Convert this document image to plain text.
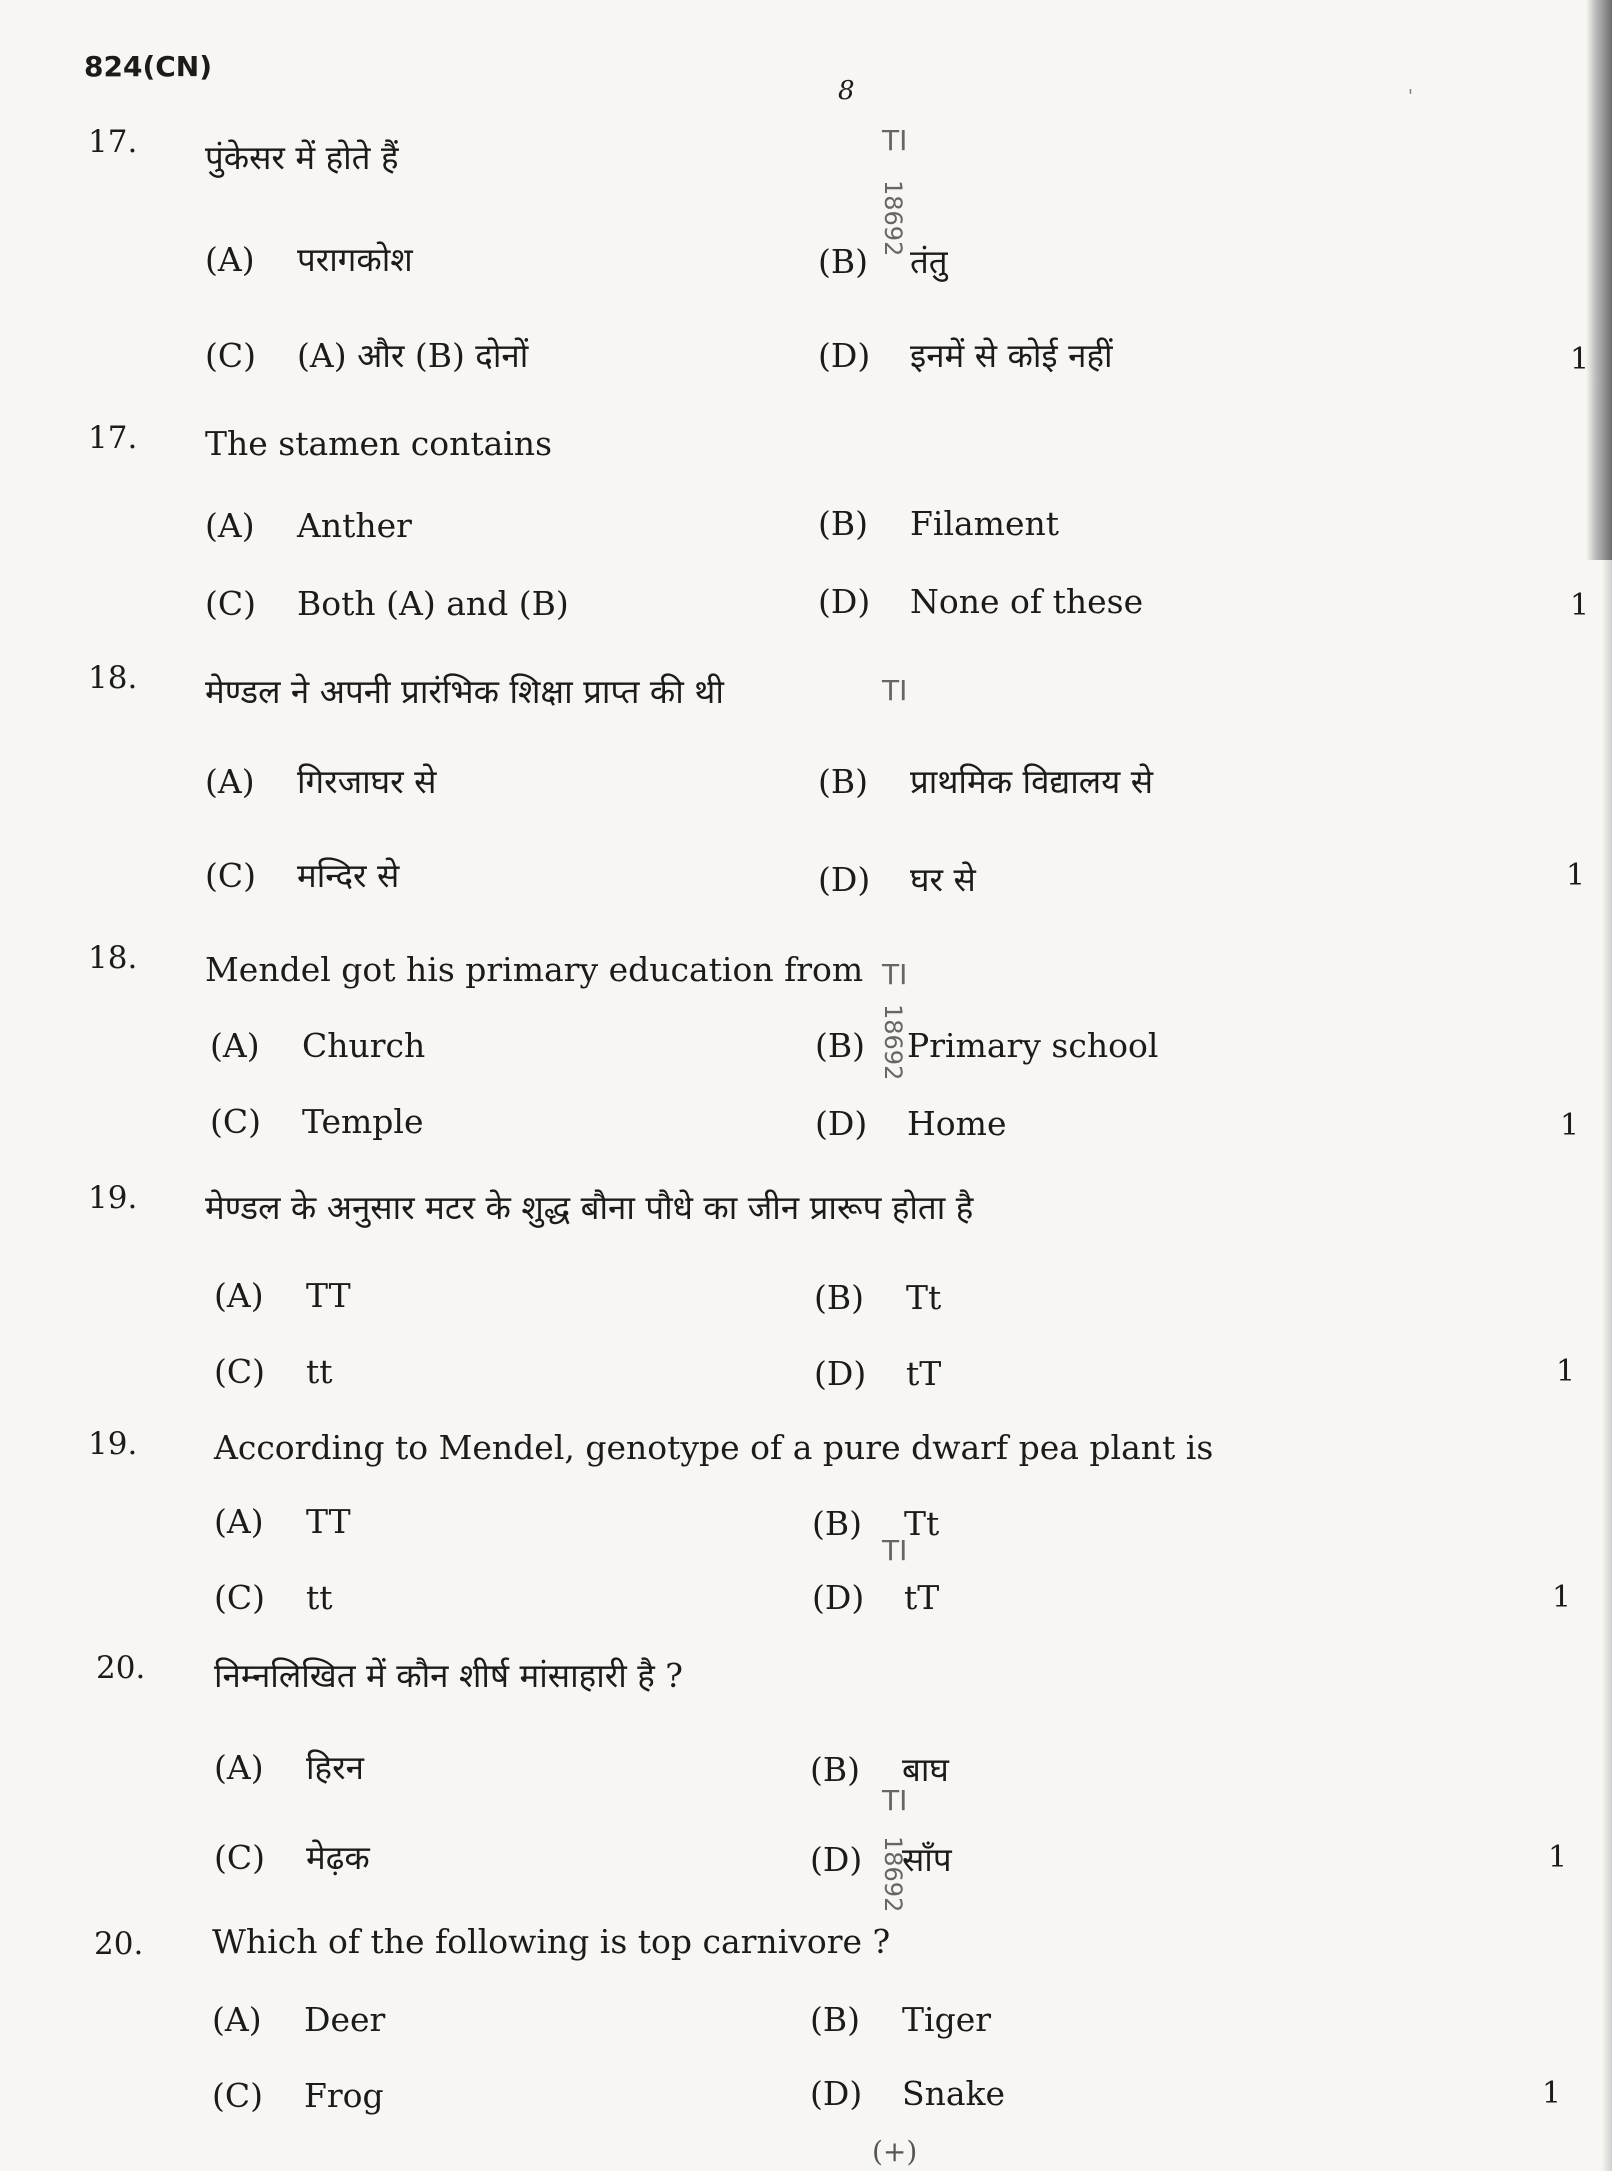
824(CN)
8	'
17. पुंकेसर में होते हैं
(A) परागकोश	(B) तंतु
(C) (A) और (B) दोनों	(D) इनमें से कोई नहीं	1
17. The stamen contains
(A) Anther	(B) Filament
(C) Both (A) and (B)	(D) None of these	1
18. मेण्डल ने अपनी प्रारंभिक शिक्षा प्राप्त की थी
(A) गिरजाघर से	(B) प्राथमिक विद्यालय से
(C) मन्दिर से	(D) घर से	1
18. Mendel got his primary education from
(A) Church	(B) Primary school
(C) Temple	(D) Home	1
19. मेण्डल के अनुसार मटर के शुद्ध बौना पौधे का जीन प्रारूप होता है
(A) TT	(B) Tt
(C) tt	(D) tT	1
19. According to Mendel, genotype of a pure dwarf pea plant is
(A) TT	(B) Tt
(C) tt	(D) tT	1
20. निम्नलिखित में कौन शीर्ष मांसाहारी है ?
(A) हिरन	(B) बाघ
(C) मेढ़क	(D) साँप	1
20. Which of the following is top carnivore ?
(A) Deer	(B) Tiger
(C) Frog	(D) Snake	1
TI
18692
TI
TI
18692
TI
TI
18692
(+)
